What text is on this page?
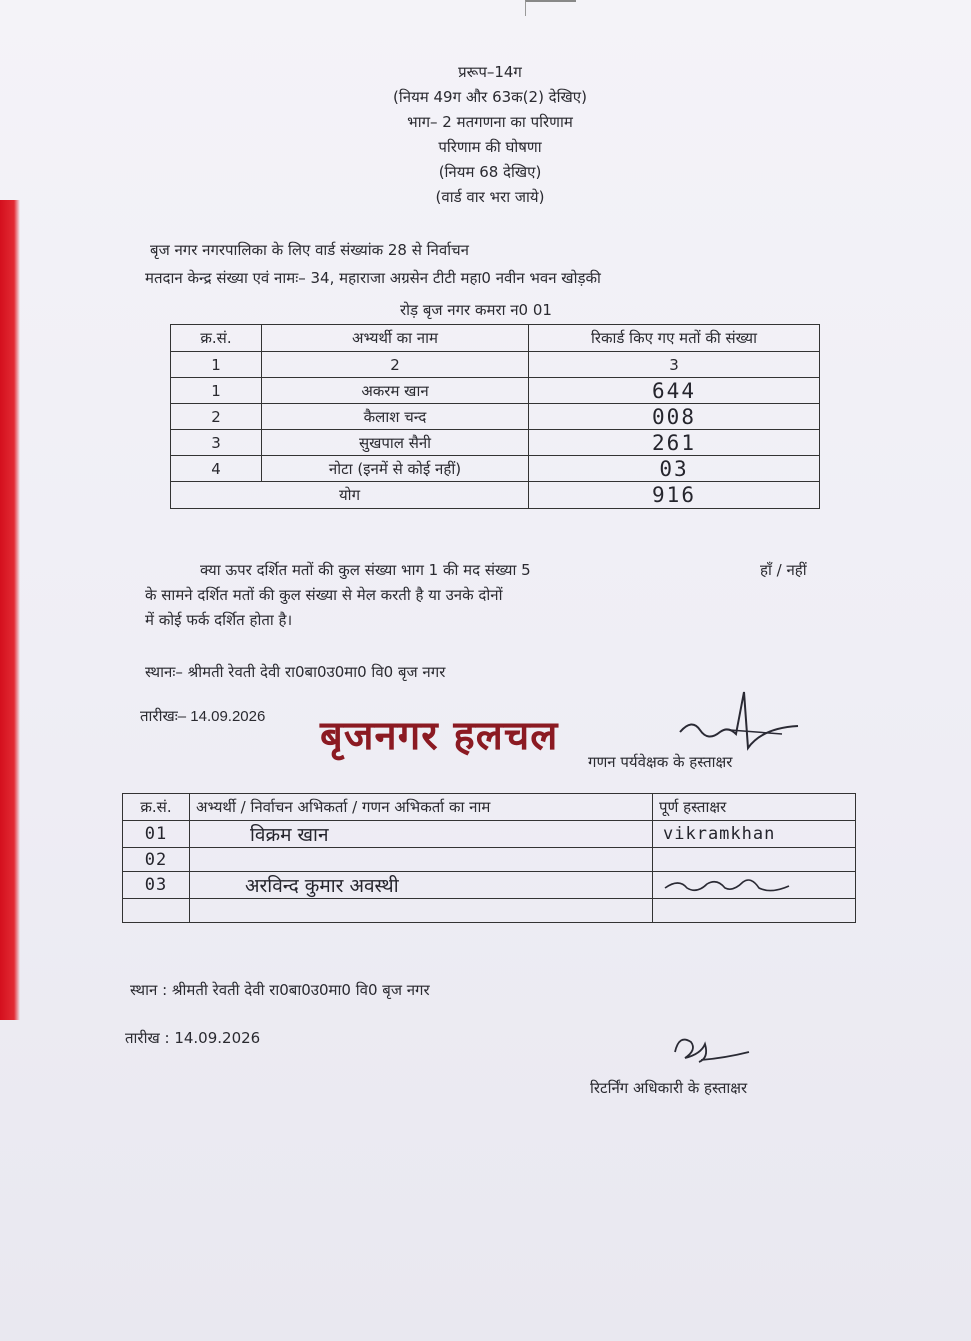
प्ररूप–14ग
(नियम 49ग और 63क(2) देखिए)
भाग– 2 मतगणना का परिणाम
परिणाम की घोषणा
(नियम 68 देखिए)
(वार्ड वार भरा जाये)
बृज नगर नगरपालिका के लिए वार्ड संख्यांक 28 से निर्वाचन
मतदान केन्द्र संख्या एवं नामः– 34, महाराजा अग्रसेन टीटी महा0 नवीन भवन खोड़की
रोड़ बृज नगर कमरा न0 01
क्र.सं.	अभ्यर्थी का नाम	रिकार्ड किए गए मतों की संख्या
1	2	3
1	अकरम खान	644
2	कैलाश चन्द	008
3	सुखपाल सैनी	261
4	नोटा (इनमें से कोई नहीं)	03
योग		916
क्या ऊपर दर्शित मतों की कुल संख्या भाग 1 की मद संख्या 5
के सामने दर्शित मतों की कुल संख्या से मेल करती है या उनके दोनों
में कोई फर्क दर्शित होता है।
हाँ / नहीं
स्थानः– श्रीमती रेवती देवी रा0बा0उ0मा0 वि0 बृज नगर
तारीखः– 14.09.2026 बृजनगर हलचल
गणन पर्यवेक्षक के हस्ताक्षर
क्र.सं.	अभ्यर्थी / निर्वाचन अभिकर्ता / गणन अभिकर्ता का नाम	पूर्ण हस्ताक्षर
01	विक्रम खान	vikramkhan
02		
03	अरविन्द कुमार अवस्थी	

स्थान : श्रीमती रेवती देवी रा0बा0उ0मा0 वि0 बृज नगर
तारीख : 14.09.2026
रिटर्निंग अधिकारी के हस्ताक्षर
